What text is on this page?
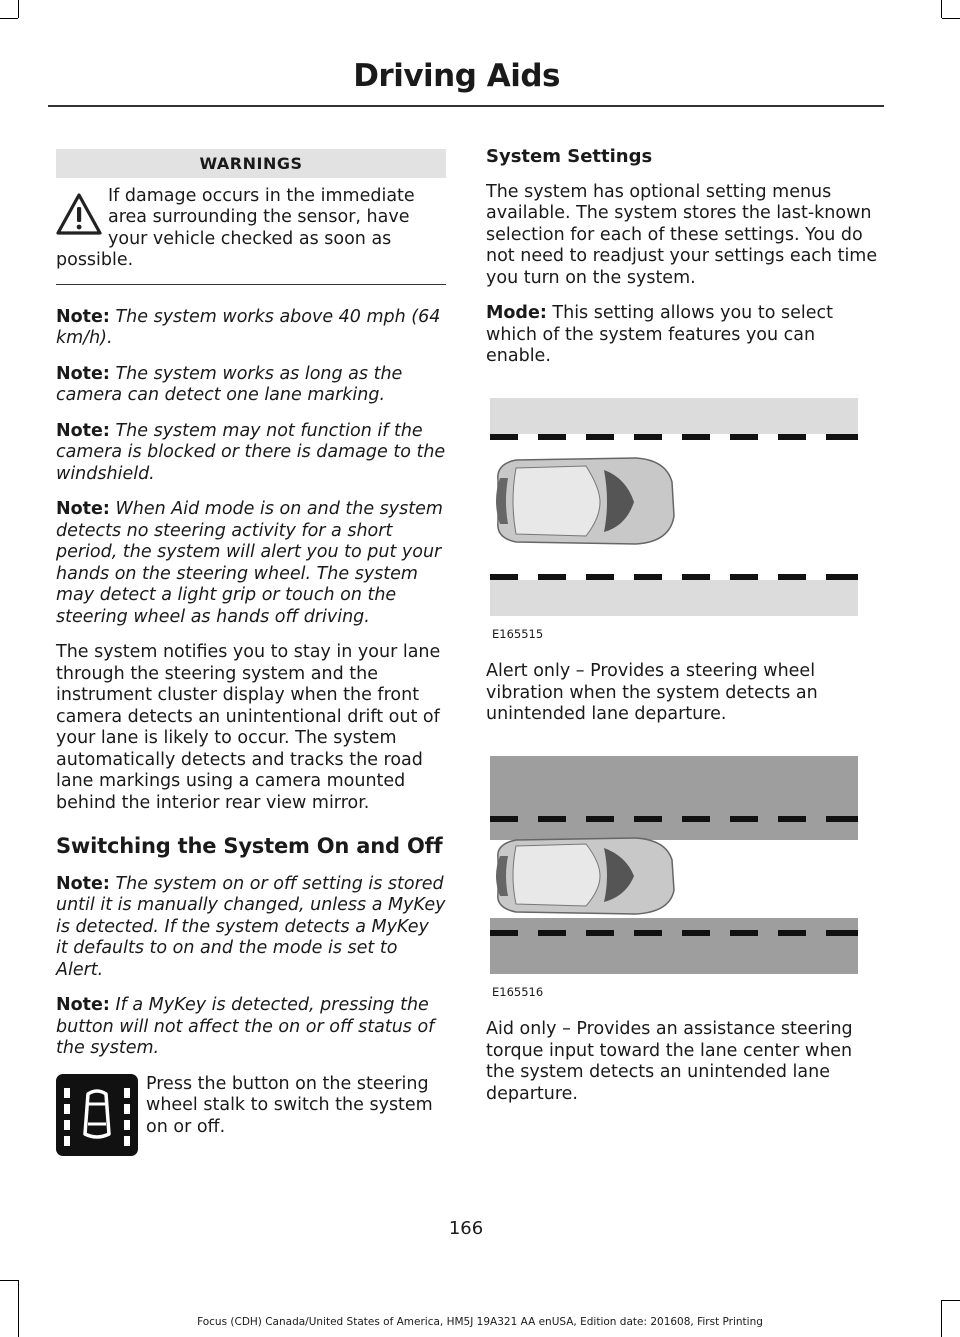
Driving Aids
WARNINGS
If damage occurs in the immediate area surrounding the sensor, have your vehicle checked as soon as possible.

Note: The system works above 40 mph (64 km/h).

Note: The system works as long as the camera can detect one lane marking.

Note: The system may not function if the camera is blocked or there is damage to the windshield.

Note: When Aid mode is on and the system detects no steering activity for a short period, the system will alert you to put your hands on the steering wheel. The system may detect a light grip or touch on the steering wheel as hands off driving.

The system notifies you to stay in your lane through the steering system and the instrument cluster display when the front camera detects an unintentional drift out of your lane is likely to occur. The system automatically detects and tracks the road lane markings using a camera mounted behind the interior rear view mirror.

Switching the System On and Off

Note: The system on or off setting is stored until it is manually changed, unless a MyKey is detected. If the system detects a MyKey it defaults to on and the mode is set to Alert.

Note: If a MyKey is detected, pressing the button will not affect the on or off status of the system.

Press the button on the steering wheel stalk to switch the system on or off.
System Settings

The system has optional setting menus available. The system stores the last-known selection for each of these settings. You do not need to readjust your settings each time you turn on the system.

Mode: This setting allows you to select which of the system features you can enable.

E165515

Alert only – Provides a steering wheel vibration when the system detects an unintended lane departure.

E165516

Aid only – Provides an assistance steering torque input toward the lane center when the system detects an unintended lane departure.

166
Focus (CDH) Canada/United States of America, HM5J 19A321 AA enUSA, Edition date: 201608, First Printing
